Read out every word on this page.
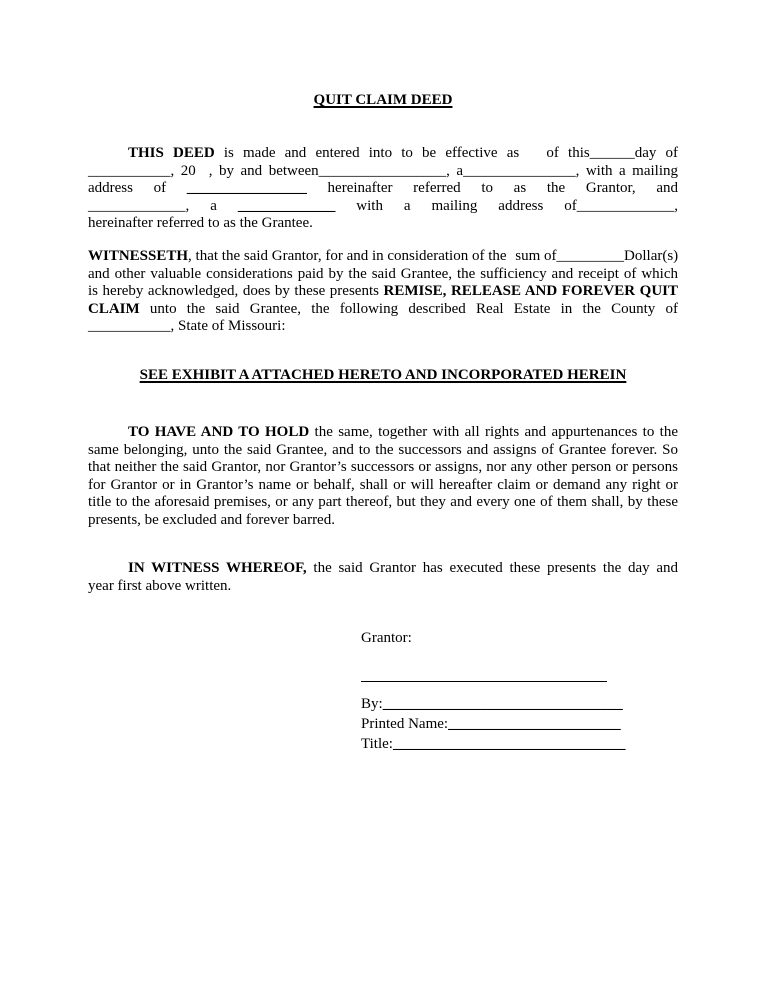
QUIT CLAIM DEED
THIS DEED is made and entered into to be effective as of this______day of
___________, 20 , by and between_________________, a_______________, with a mailing
address of ________________ hereinafter referred to as the Grantor, and
_____________, a _____________ with a mailing address of_____________,
hereinafter referred to as the Grantee.
WITNESSETH, that the said Grantor, for and in consideration of the sum of_________Dollar(s)
and other valuable considerations paid by the said Grantee, the sufficiency and receipt of which
is hereby acknowledged, does by these presents REMISE, RELEASE AND FOREVER QUIT
CLAIM unto the said Grantee, the following described Real Estate in the County of
___________, State of Missouri:
SEE EXHIBIT A ATTACHED HERETO AND INCORPORATED HEREIN
TO HAVE AND TO HOLD the same, together with all rights and appurtenances to the
same belonging, unto the said Grantee, and to the successors and assigns of Grantee forever. So
that neither the said Grantor, nor Grantor’s successors or assigns, nor any other person or persons
for Grantor or in Grantor’s name or behalf, shall or will hereafter claim or demand any right or
title to the aforesaid premises, or any part thereof, but they and every one of them shall, by these
presents, be excluded and forever barred.
IN WITNESS WHEREOF, the said Grantor has executed these presents the day and
year first above written.
Grantor:
By:________________________________
Printed Name:_______________________
Title:_______________________________
